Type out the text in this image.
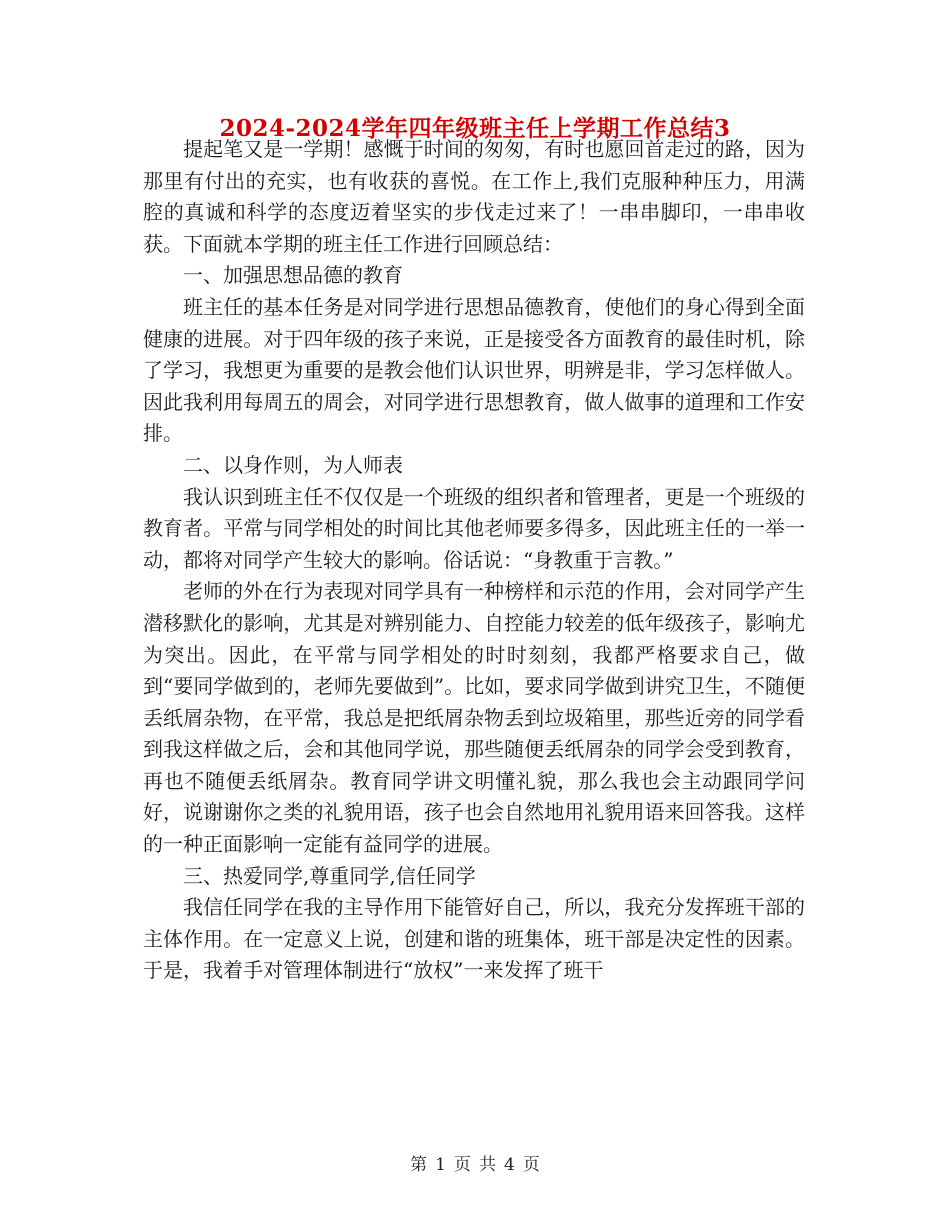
2024-2024学年四年级班主任上学期工作总结3

提起笔又是一学期！感慨于时间的匆匆，有时也愿回首走过的路，因为那里有付出的充实，也有收获的喜悦。在工作上,我们克服种种压力，用满腔的真诚和科学的态度迈着坚实的步伐走过来了！一串串脚印，一串串收获。下面就本学期的班主任工作进行回顾总结：

一、加强思想品德的教育

班主任的基本任务是对同学进行思想品德教育，使他们的身心得到全面健康的进展。对于四年级的孩子来说，正是接受各方面教育的最佳时机，除了学习，我想更为重要的是教会他们认识世界，明辨是非，学习怎样做人。因此我利用每周五的周会，对同学进行思想教育，做人做事的道理和工作安排。

二、以身作则，为人师表

我认识到班主任不仅仅是一个班级的组织者和管理者，更是一个班级的教育者。平常与同学相处的时间比其他老师要多得多，因此班主任的一举一动，都将对同学产生较大的影响。俗话说：“身教重于言教。”

老师的外在行为表现对同学具有一种榜样和示范的作用，会对同学产生潜移默化的影响，尤其是对辨别能力、自控能力较差的低年级孩子，影响尤为突出。因此，在平常与同学相处的时时刻刻，我都严格要求自己，做到“要同学做到的，老师先要做到”。比如，要求同学做到讲究卫生，不随便丢纸屑杂物，在平常，我总是把纸屑杂物丢到垃圾箱里，那些近旁的同学看到我这样做之后，会和其他同学说，那些随便丢纸屑杂的同学会受到教育，再也不随便丢纸屑杂。教育同学讲文明懂礼貌，那么我也会主动跟同学问好，说谢谢你之类的礼貌用语，孩子也会自然地用礼貌用语来回答我。这样的一种正面影响一定能有益同学的进展。

三、热爱同学,尊重同学,信任同学

我信任同学在我的主导作用下能管好自己，所以，我充分发挥班干部的主体作用。在一定意义上说，创建和谐的班集体，班干部是决定性的因素。于是，我着手对管理体制进行“放权”一来发挥了班干

第 1 页 共 4 页
